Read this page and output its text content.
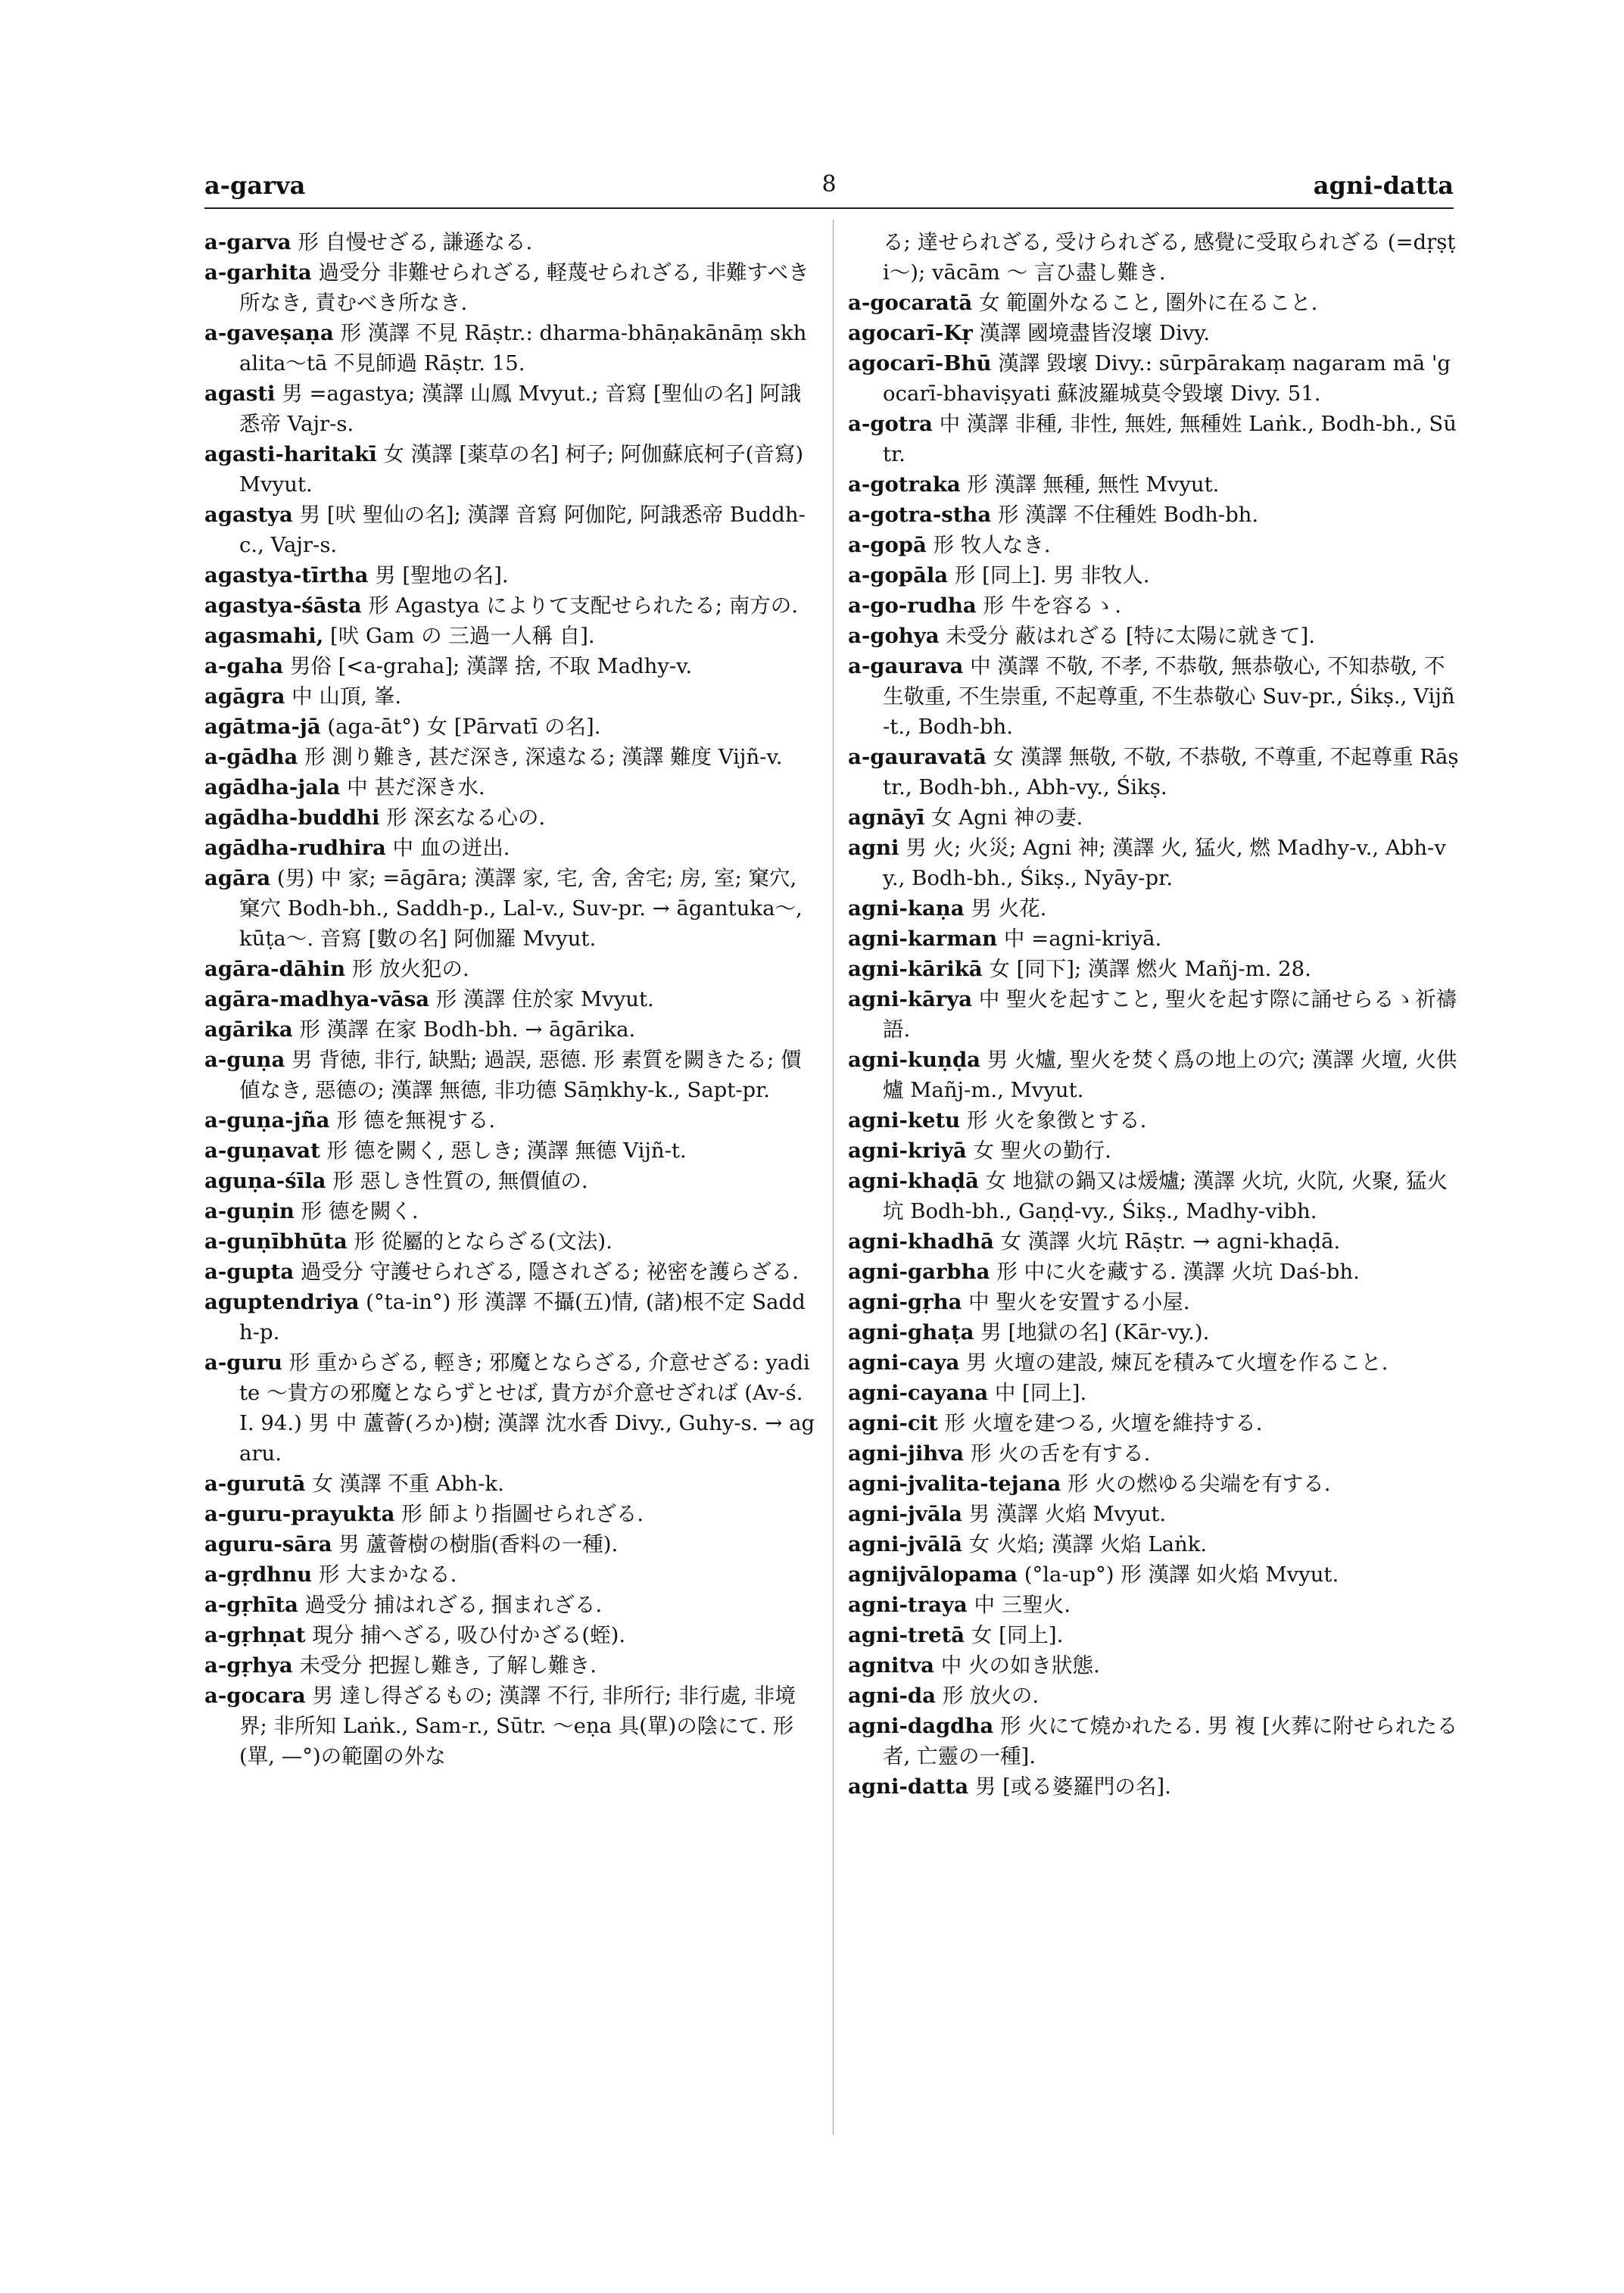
a-garva	8	agni-datta

a-garva 形 自慢せざる, 謙遜なる.

a-garhita 過受分 非難せられざる, 軽蔑せられざる, 非難すべき所なき, 責むべき所なき.

a-gaveṣaṇa 形 漢譯 不見 Rāṣtr.: dharma-bhāṇakānāṃ skhalita〜tā 不見師過 Rāṣtr. 15.

agasti 男 =agastya; 漢譯 山鳳 Mvyut.; 音寫 [聖仙の名] 阿誐悉帝 Vajr-s.

agasti-haritakī 女 漢譯 [薬草の名] 柯子; 阿伽蘇底柯子(音寫) Mvyut.

agastya 男 [吠 聖仙の名]; 漢譯 音寫 阿伽陀, 阿誐悉帝 Buddh-c., Vajr-s.

agastya-tīrtha 男 [聖地の名].

agastya-śāsta 形 Agastya によりて支配せられたる; 南方の.

agasmahi, [吠 Gam の 三過一人稱 自].

a-gaha 男俗 [<a-graha]; 漢譯 捨, 不取 Madhy-v.

agāgra 中 山頂, 峯.

agātma-jā (aga-āt°) 女 [Pārvatī の名].

a-gādha 形 測り難き, 甚だ深き, 深遠なる; 漢譯 難度 Vijñ-v.

agādha-jala 中 甚だ深き水.

agādha-buddhi 形 深玄なる心の.

agādha-rudhira 中 血の迸出.

agāra (男) 中 家; =āgāra; 漢譯 家, 宅, 舍, 舍宅; 房, 室; 窠穴, 窠穴 Bodh-bh., Saddh-p., Lal-v., Suv-pr. → āgantuka〜, kūṭa〜. 音寫 [數の名] 阿伽羅 Mvyut.

agāra-dāhin 形 放火犯の.

agāra-madhya-vāsa 形 漢譯 住於家 Mvyut.

agārika 形 漢譯 在家 Bodh-bh. → āgārika.

a-guṇa 男 背徳, 非行, 缺點; 過誤, 惡德. 形 素質を闕きたる; 價値なき, 惡德の; 漢譯 無德, 非功德 Sāṃkhy-k., Sapt-pr.

a-guṇa-jña 形 德を無視する.

a-guṇavat 形 德を闕く, 惡しき; 漢譯 無德 Vijñ-t.

aguṇa-śīla 形 惡しき性質の, 無價値の.

a-guṇin 形 德を闕く.

a-guṇībhūta 形 從屬的とならざる(文法).

a-gupta 過受分 守護せられざる, 隱されざる; 祕密を護らざる.

aguptendriya (°ta-in°) 形 漢譯 不攝(五)情, (諸)根不定 Saddh-p.

a-guru 形 重からざる, 輕き; 邪魔とならざる, 介意せざる: yadi te 〜貴方の邪魔とならずとせば, 貴方が介意せざれば (Av-ś. I. 94.) 男 中 蘆薈(ろか)樹; 漢譯 沈水香 Divy., Guhy-s. → agaru.

a-gurutā 女 漢譯 不重 Abh-k.

a-guru-prayukta 形 師より指圖せられざる.

aguru-sāra 男 蘆薈樹の樹脂(香料の一種).

a-gṛdhnu 形 大まかなる.

a-gṛhīta 過受分 捕はれざる, 掴まれざる.

a-gṛhṇat 現分 捕へざる, 吸ひ付かざる(蛭).

a-gṛhya 未受分 把握し難き, 了解し難き.

a-gocara 男 達し得ざるもの; 漢譯 不行, 非所行; 非行處, 非境界; 非所知 Laṅk., Sam-r., Sūtr. 〜eṇa 具(單)の陰にて. 形 (單, —°)の範圍の外な

る; 達せられざる, 受けられざる, 感覺に受取られざる (=dṛṣṭi〜); vācām 〜 言ひ盡し難き.

a-gocaratā 女 範圍外なること, 圏外に在ること.

agocarī-Kṛ 漢譯 國境盡皆沒壞 Divy.

agocarī-Bhū 漢譯 毀壞 Divy.: sūrpārakaṃ nagaram mā 'gocarī-bhaviṣyati 蘇波羅城莫令毀壞 Divy. 51.

a-gotra 中 漢譯 非種, 非性, 無姓, 無種姓 Laṅk., Bodh-bh., Sūtr.

a-gotraka 形 漢譯 無種, 無性 Mvyut.

a-gotra-stha 形 漢譯 不住種姓 Bodh-bh.

a-gopā 形 牧人なき.

a-gopāla 形 [同上]. 男 非牧人.

a-go-rudha 形 牛を容るゝ.

a-gohya 未受分 蔽はれざる [特に太陽に就きて].

a-gaurava 中 漢譯 不敬, 不孝, 不恭敬, 無恭敬心, 不知恭敬, 不生敬重, 不生崇重, 不起尊重, 不生恭敬心 Suv-pr., Śikṣ., Vijñ-t., Bodh-bh.

a-gauravatā 女 漢譯 無敬, 不敬, 不恭敬, 不尊重, 不起尊重 Rāṣtr., Bodh-bh., Abh-vy., Śikṣ.

agnāyī 女 Agni 神の妻.

agni 男 火; 火災; Agni 神; 漢譯 火, 猛火, 燃 Madhy-v., Abh-vy., Bodh-bh., Śikṣ., Nyāy-pr.

agni-kaṇa 男 火花.

agni-karman 中 =agni-kriyā.

agni-kārikā 女 [同下]; 漢譯 燃火 Mañj-m. 28.

agni-kārya 中 聖火を起すこと, 聖火を起す際に誦せらるゝ祈禱語.

agni-kuṇḍa 男 火爐, 聖火を焚く爲の地上の穴; 漢譯 火壇, 火供爐 Mañj-m., Mvyut.

agni-ketu 形 火を象徴とする.

agni-kriyā 女 聖火の勤行.

agni-khaḍā 女 地獄の鍋又は煖爐; 漢譯 火坑, 火阬, 火聚, 猛火坑 Bodh-bh., Gaṇḍ-vy., Śikṣ., Madhy-vibh.

agni-khadhā 女 漢譯 火坑 Rāṣtr. → agni-khaḍā.

agni-garbha 形 中に火を藏する. 漢譯 火坑 Daś-bh.

agni-gṛha 中 聖火を安置する小屋.

agni-ghaṭa 男 [地獄の名] (Kār-vy.).

agni-caya 男 火壇の建設, 煉瓦を積みて火壇を作ること.

agni-cayana 中 [同上].

agni-cit 形 火壇を建つる, 火壇を維持する.

agni-jihva 形 火の舌を有する.

agni-jvalita-tejana 形 火の燃ゆる尖端を有する.

agni-jvāla 男 漢譯 火焰 Mvyut.

agni-jvālā 女 火焰; 漢譯 火焰 Laṅk.

agnijvālopama (°la-up°) 形 漢譯 如火焰 Mvyut.

agni-traya 中 三聖火.

agni-tretā 女 [同上].

agnitva 中 火の如き狀態.

agni-da 形 放火の.

agni-dagdha 形 火にて燒かれたる. 男 複 [火葬に附せられたる者, 亡靈の一種].

agni-datta 男 [或る婆羅門の名].
